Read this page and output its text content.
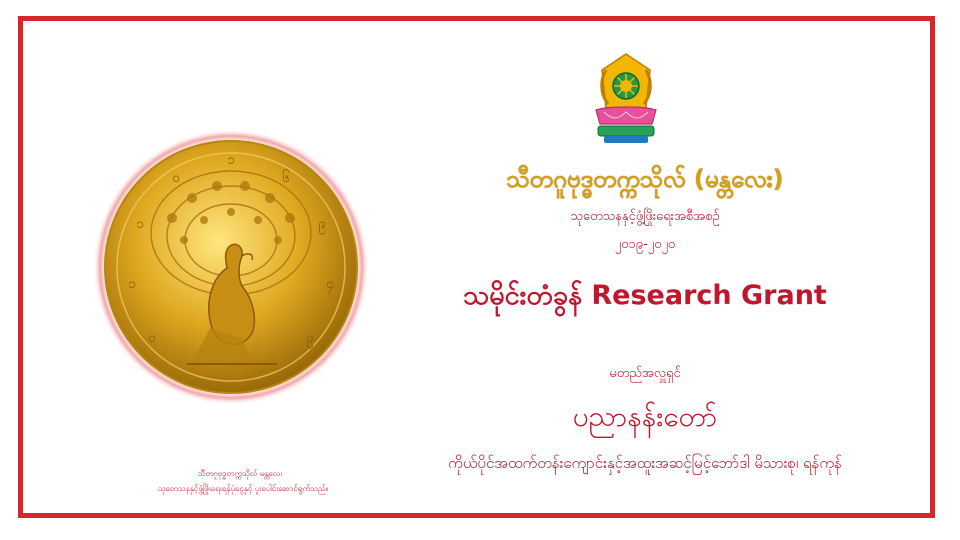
၁
၀	၆
၁	၉
၁	၄
၀	၉
သီတဂူဗုဒ္ဓတက္ကသိုလ် (မန္တလေး)
သုတေသနနှင့်ဖွံ့ဖြိုးရေးအစီအစဉ်
၂၀၁၉-၂၀၂၀
သမိုင်းတံခွန် Research Grant
မတည်အလှူရှင်
ပညာနန်းတော်
ကိုယ်ပိုင်အထက်တန်းကျောင်းနှင့်အထူးအဆင့်မြင့်ဘော်ဒါ မိသားစု၊ ရန်ကုန်
သီတဂူဗုဒ္ဓတက္ကသိုလ် မန္တလေး
သုတေသနနှင့်ဖွံ့ဖြိုးရေးရန်ပုံငွေနှင့် ပူးပေါင်းဆောင်ရွက်သည်။
